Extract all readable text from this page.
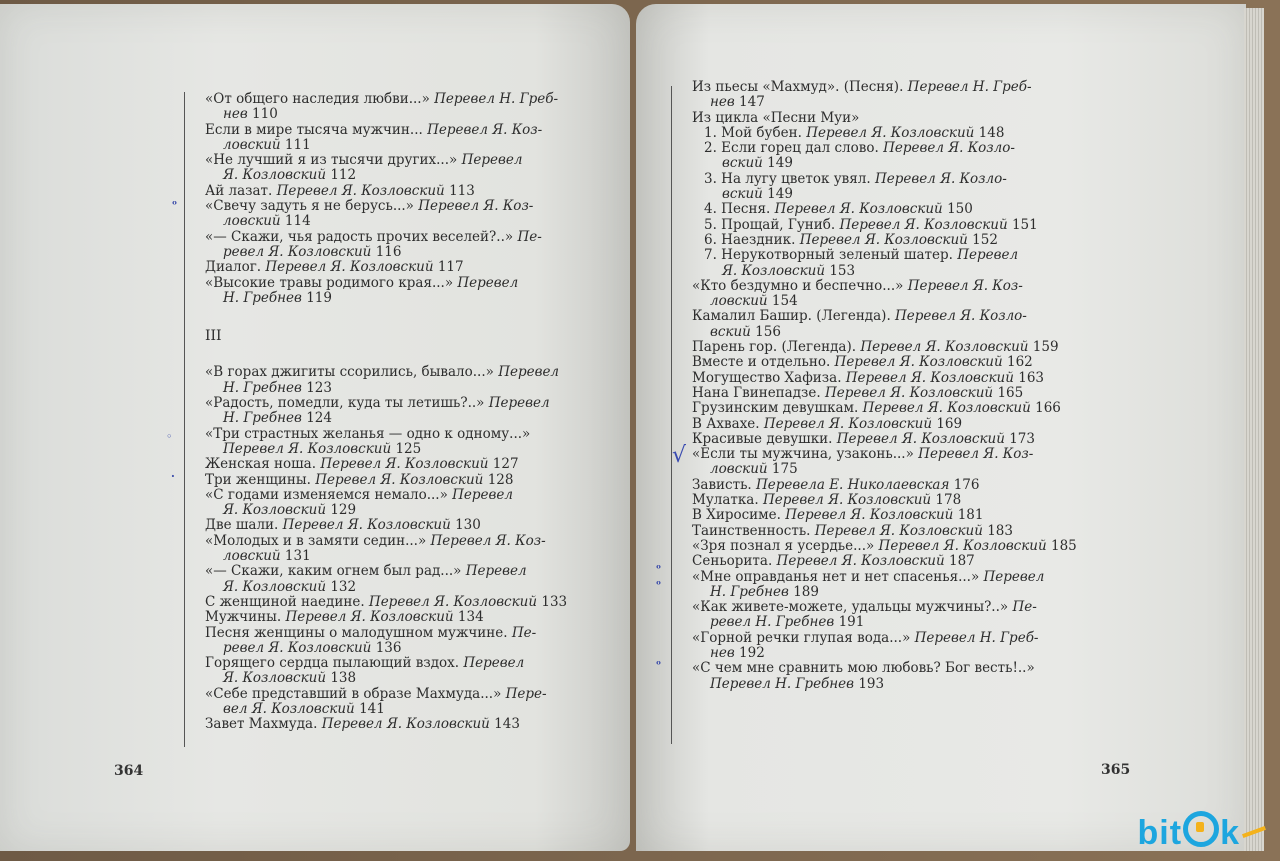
«От общего наследия любви...» Перевел Н. Греб-
нев 110
Если в мире тысяча мужчин... Перевел Я. Коз-
ловский 111
«Не лучший я из тысячи других...» Перевел
Я. Козловский 112
Ай лазат. Перевел Я. Козловский 113
«Свечу задуть я не берусь...» Перевел Я. Коз-
ловский 114
«— Скажи, чья радость прочих веселей?..» Пе-
ревел Я. Козловский 116
Диалог. Перевел Я. Козловский 117
«Высокие травы родимого края...» Перевел
Н. Гребнев 119
III
«В горах джигиты ссорились, бывало...» Перевел
Н. Гребнев 123
«Радость, помедли, куда ты летишь?..» Перевел
Н. Гребнев 124
«Три страстных желанья — одно к одному...»
Перевел Я. Козловский 125
Женская ноша. Перевел Я. Козловский 127
Три женщины. Перевел Я. Козловский 128
«С годами изменяемся немало...» Перевел
Я. Козловский 129
Две шали. Перевел Я. Козловский 130
«Молодых и в замяти седин...» Перевел Я. Коз-
ловский 131
«— Скажи, каким огнем был рад...» Перевел
Я. Козловский 132
С женщиной наедине. Перевел Я. Козловский 133
Мужчины. Перевел Я. Козловский 134
Песня женщины о малодушном мужчине. Пе-
ревел Я. Козловский 136
Горящего сердца пылающий вздох. Перевел
Я. Козловский 138
«Себе представший в образе Махмуда...» Пере-
вел Я. Козловский 141
Завет Махмуда. Перевел Я. Козловский 143
Из пьесы «Махмуд». (Песня). Перевел Н. Греб-
нев 147
Из цикла «Песни Муи»
1. Мой бубен. Перевел Я. Козловский 148
2. Если горец дал слово. Перевел Я. Козло-
вский 149
3. На лугу цветок увял. Перевел Я. Козло-
вский 149
4. Песня. Перевел Я. Козловский 150
5. Прощай, Гуниб. Перевел Я. Козловский 151
6. Наездник. Перевел Я. Козловский 152
7. Нерукотворный зеленый шатер. Перевел
Я. Козловский 153
«Кто бездумно и беспечно...» Перевел Я. Коз-
ловский 154
Камалил Башир. (Легенда). Перевел Я. Козло-
вский 156
Парень гор. (Легенда). Перевел Я. Козловский 159
Вместе и отдельно. Перевел Я. Козловский 162
Могущество Хафиза. Перевел Я. Козловский 163
Нана Гвинепадзе. Перевел Я. Козловский 165
Грузинским девушкам. Перевел Я. Козловский 166
В Ахвахе. Перевел Я. Козловский 169
Красивые девушки. Перевел Я. Козловский 173
«Если ты мужчина, узаконь...» Перевел Я. Коз-
ловский 175
Зависть. Перевела Е. Николаевская 176
Мулатка. Перевел Я. Козловский 178
В Хиросиме. Перевел Я. Козловский 181
Таинственность. Перевел Я. Козловский 183
«Зря познал я усердье...» Перевел Я. Козловский 185
Сеньорита. Перевел Я. Козловский 187
«Мне оправданья нет и нет спасенья...» Перевел
Н. Гребнев 189
«Как живете-можете, удальцы мужчины?..» Пе-
ревел Н. Гребнев 191
«Горной речки глупая вода...» Перевел Н. Греб-
нев 192
«С чем мне сравнить мою любовь? Бог весть!..»
Перевел Н. Гребнев 193
364	365
ᵒ
◦
·
√
ᵒ
ᵒ
ᵒ
bit k
